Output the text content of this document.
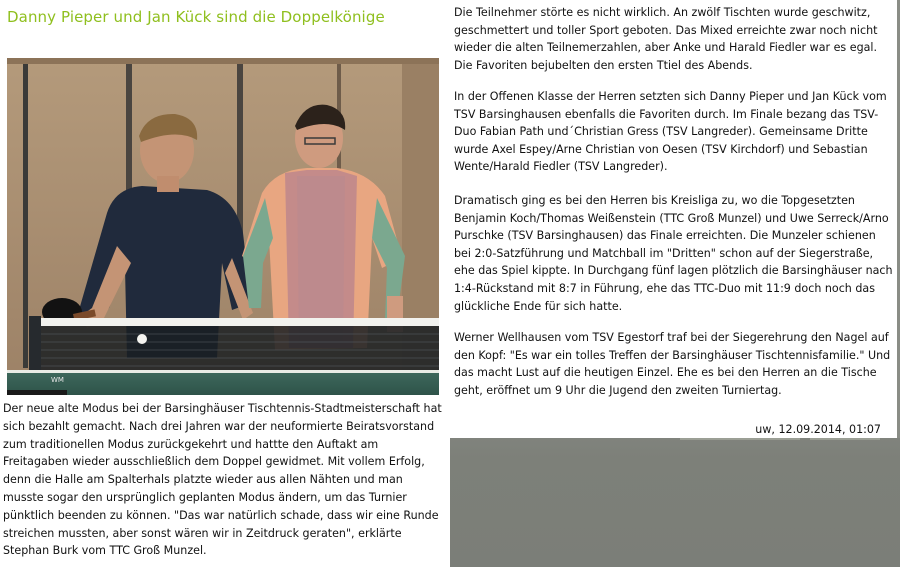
Danny Pieper und Jan Kück sind die Doppelkönige
WM

Der neue alte Modus bei der Barsinghäuser Tischtennis-Stadtmeisterschaft hat sich bezahlt gemacht. Nach drei Jahren war der neuformierte Beiratsvorstand zum traditionellen Modus zurückgekehrt und hattte den Auftakt am Freitagaben wieder ausschließlich dem Doppel gewidmet. Mit vollem Erfolg, denn die Halle am Spalterhals platzte wieder aus allen Nähten und man musste sogar den ursprünglich geplanten Modus ändern, um das Turnier pünktlich beenden zu können. "Das war natürlich schade, dass wir eine Runde streichen mussten, aber sonst wären wir in Zeitdruck geraten", erklärte Stephan Burk vom TTC Groß Munzel.

Die Teilnehmer störte es nicht wirklich. An zwölf Tischten wurde geschwitz, geschmettert und toller Sport geboten. Das Mixed erreichte zwar noch nicht wieder die alten Teilnemerzahlen, aber Anke und Harald Fiedler war es egal. Die Favoriten bejubelten den ersten Ttiel des Abends.

In der Offenen Klasse der Herren setzten sich Danny Pieper und Jan Kück vom TSV Barsinghausen ebenfalls die Favoriten durch. Im Finale bezang das TSV-Duo Fabian Path und´Christian Gress (TSV Langreder). Gemeinsame Dritte wurde Axel Espey/Arne Christian von Oesen (TSV Kirchdorf) und Sebastian Wente/Harald Fiedler (TSV Langreder).

Dramatisch ging es bei den Herren bis Kreisliga zu, wo die Topgesetzten Benjamin Koch/Thomas Weißenstein (TTC Groß Munzel) und Uwe Serreck/Arno Purschke (TSV Barsinghausen) das Finale erreichten. Die Munzeler schienen bei 2:0-Satzführung und Matchball im "Dritten" schon auf der Siegerstraße, ehe das Spiel kippte. In Durchgang fünf lagen plötzlich die Barsinghäuser nach 1:4-Rückstand mit 8:7 in Führung, ehe das TTC-Duo mit 11:9 doch noch das glückliche Ende für sich hatte.

Werner Wellhausen vom TSV Egestorf traf bei der Siegerehrung den Nagel auf den Kopf: "Es war ein tolles Treffen der Barsinghäuser Tischtennisfamilie." Und das macht Lust auf die heutigen Einzel. Ehe es bei den Herren an die Tische geht, eröffnet um 9 Uhr die Jugend den zweiten Turniertag.

uw, 12.09.2014, 01:07
